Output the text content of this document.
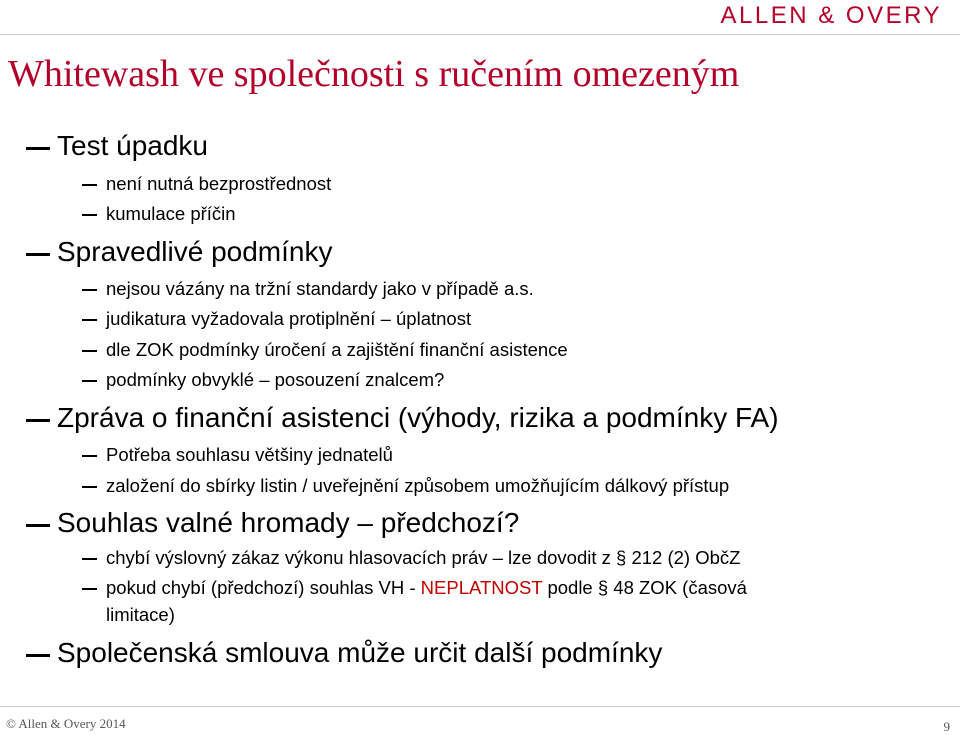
ALLEN & OVERY
Whitewash ve společnosti s ručením omezeným
Test úpadku
není nutná bezprostřednost
kumulace příčin
Spravedlivé podmínky
nejsou vázány na tržní standardy jako v případě a.s.
judikatura vyžadovala protiplnění – úplatnost
dle ZOK podmínky úročení a zajištění finanční asistence
podmínky obvyklé – posouzení znalcem?
Zpráva o finanční asistenci (výhody, rizika a podmínky FA)
Potřeba souhlasu většiny jednatelů
založení do sbírky listin / uveřejnění způsobem umožňujícím dálkový přístup
Souhlas valné hromady – předchozí?
chybí výslovný zákaz výkonu hlasovacích práv – lze dovodit z § 212 (2) ObčZ
pokud chybí (předchozí) souhlas VH - NEPLATNOST podle § 48 ZOK (časová
limitace)
Společenská smlouva může určit další podmínky
© Allen & Overy 2014	9
